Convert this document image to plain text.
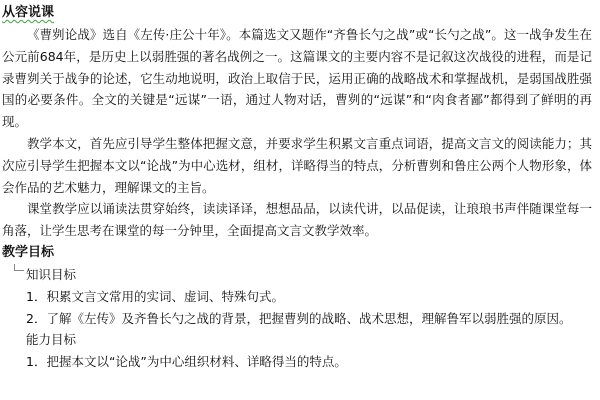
从容说课

《曹刿论战》选自《左传·庄公十年》。本篇选文又题作“齐鲁长勺之战”或“长勺之战”。这一战争发生在公元前684年，是历史上以弱胜强的著名战例之一。这篇课文的主要内容不是记叙这次战役的进程，而是记录曹刿关于战争的论述，它生动地说明，政治上取信于民，运用正确的战略战术和掌握战机，是弱国战胜强国的必要条件。全文的关键是“远谋”一语，通过人物对话，曹刿的“远谋”和“肉食者鄙”都得到了鲜明的再现。

教学本文，首先应引导学生整体把握文意，并要求学生积累文言重点词语，提高文言文的阅读能力；其次应引导学生把握本文以“论战”为中心选材，组材，详略得当的特点，分析曹刿和鲁庄公两个人物形象，体会作品的艺术魅力，理解课文的主旨。

课堂教学应以诵读法贯穿始终，读读译译，想想品品，以读代讲，以品促读，让琅琅书声伴随课堂每一角落，让学生思考在课堂的每一分钟里，全面提高文言文教学效率。

教学目标

知识目标

1．积累文言文常用的实词、虚词、特殊句式。

2．了解《左传》及齐鲁长勺之战的背景，把握曹刿的战略、战术思想，理解鲁军以弱胜强的原因。

能力目标

1．把握本文以“论战”为中心组织材料、详略得当的特点。
